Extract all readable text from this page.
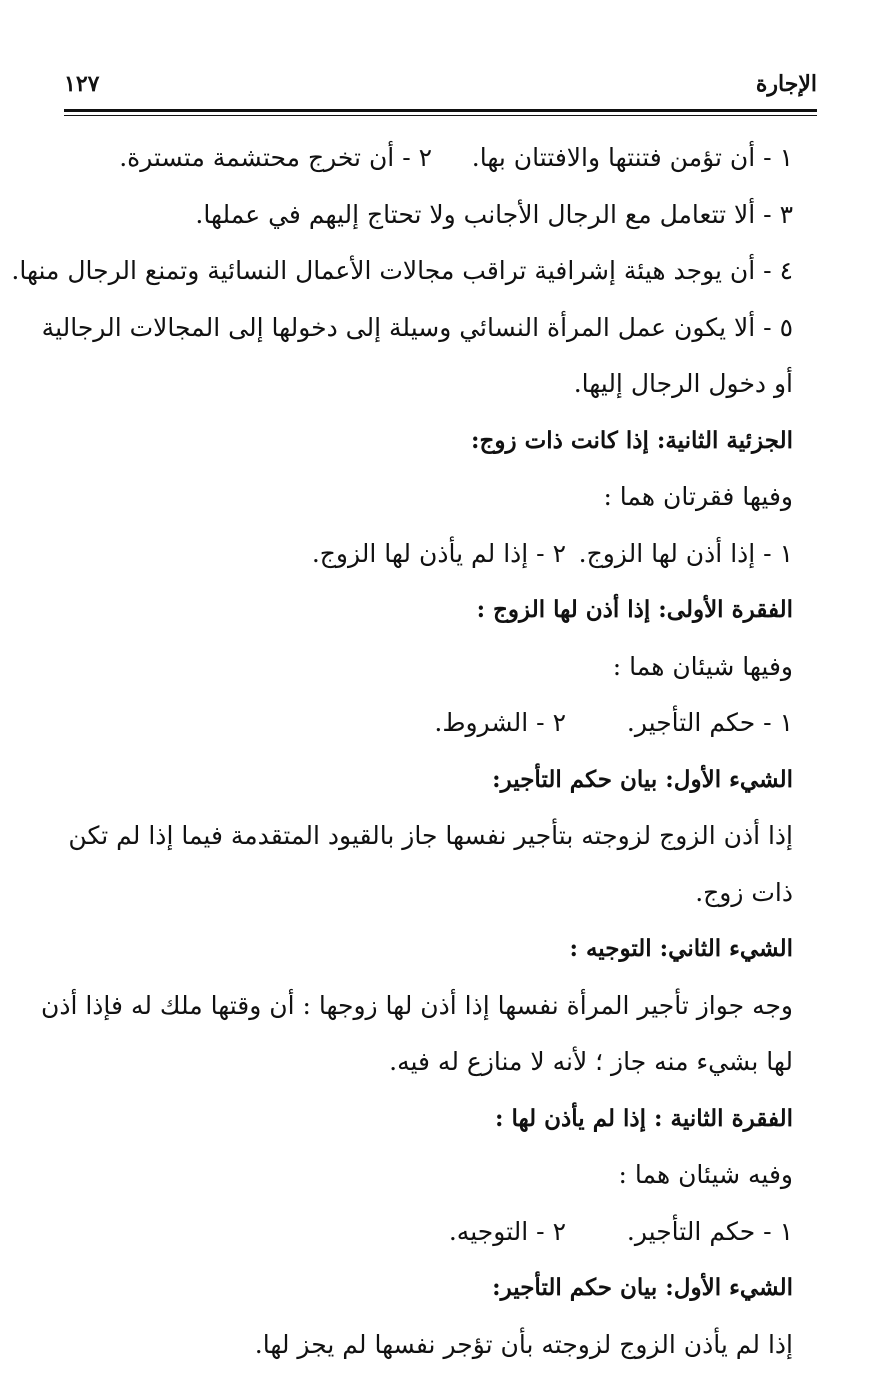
الإجارة
١٢٧
١ - أن تؤمن فتنتها والافتتان بها.     ٢ - أن تخرج محتشمة متسترة.
٣ - ألا تتعامل مع الرجال الأجانب ولا تحتاج إليهم في عملها.
٤ - أن يوجد هيئة إشرافية تراقب مجالات الأعمال النسائية وتمنع الرجال منها.
٥ - ألا يكون عمل المرأة النسائي وسيلة إلى دخولها إلى المجالات الرجالية
أو دخول الرجال إليها.
الجزئية الثانية: إذا كانت ذات زوج:
وفيها فقرتان هما :
١ - إذا أذن لها الزوج.
٢ - إذا لم يأذن لها الزوج.
الفقرة الأولى: إذا أذن لها الزوج :
وفيها شيئان هما :
١ - حكم التأجير.
٢ - الشروط.
الشيء الأول: بيان حكم التأجير:
إذا أذن الزوج لزوجته بتأجير نفسها جاز بالقيود المتقدمة فيما إذا لم تكن
ذات زوج.
الشيء الثاني: التوجيه :
وجه جواز تأجير المرأة نفسها إذا أذن لها زوجها : أن وقتها ملك له فإذا أذن
لها بشيء منه جاز ؛ لأنه لا منازع له فيه.
الفقرة الثانية : إذا لم يأذن لها :
وفيه شيئان هما :
١ - حكم التأجير.
٢ - التوجيه.
الشيء الأول: بيان حكم التأجير:
إذا لم يأذن الزوج لزوجته بأن تؤجر نفسها لم يجز لها.
